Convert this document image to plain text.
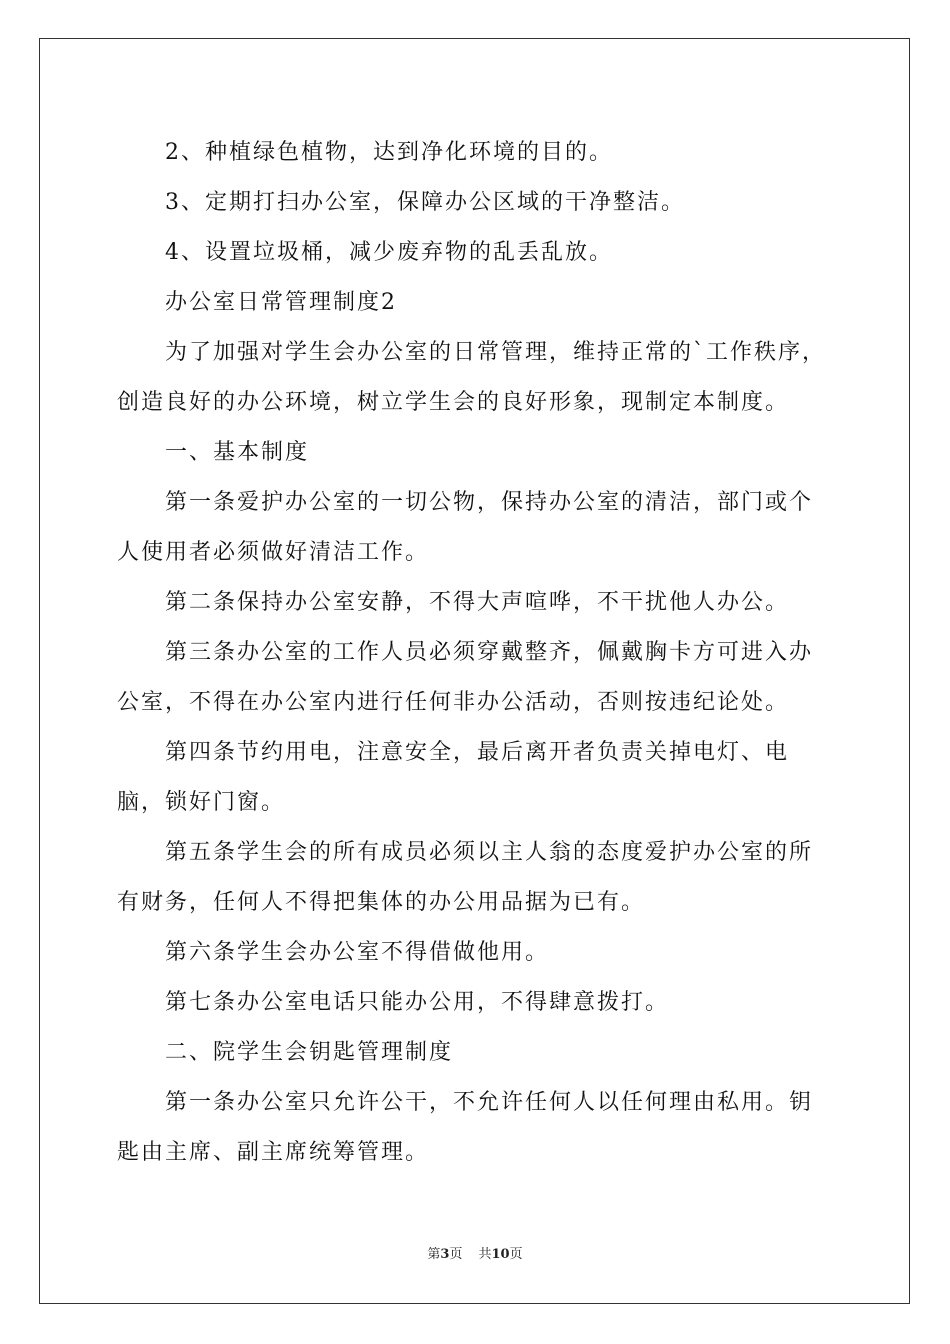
2、种植绿色植物，达到净化环境的目的。

3、定期打扫办公室，保障办公区域的干净整洁。

4、设置垃圾桶，减少废弃物的乱丢乱放。

办公室日常管理制度2

为了加强对学生会办公室的日常管理，维持正常的`工作秩序，创造良好的办公环境，树立学生会的良好形象，现制定本制度。

一、基本制度

第一条爱护办公室的一切公物，保持办公室的清洁，部门或个人使用者必须做好清洁工作。

第二条保持办公室安静，不得大声喧哗，不干扰他人办公。

第三条办公室的工作人员必须穿戴整齐，佩戴胸卡方可进入办公室，不得在办公室内进行任何非办公活动，否则按违纪论处。

第四条节约用电，注意安全，最后离开者负责关掉电灯、电脑，锁好门窗。

第五条学生会的所有成员必须以主人翁的态度爱护办公室的所有财务，任何人不得把集体的办公用品据为已有。

第六条学生会办公室不得借做他用。

第七条办公室电话只能办公用，不得肆意拨打。

二、院学生会钥匙管理制度

第一条办公室只允许公干，不允许任何人以任何理由私用。钥匙由主席、副主席统筹管理。

第3页 共10页
